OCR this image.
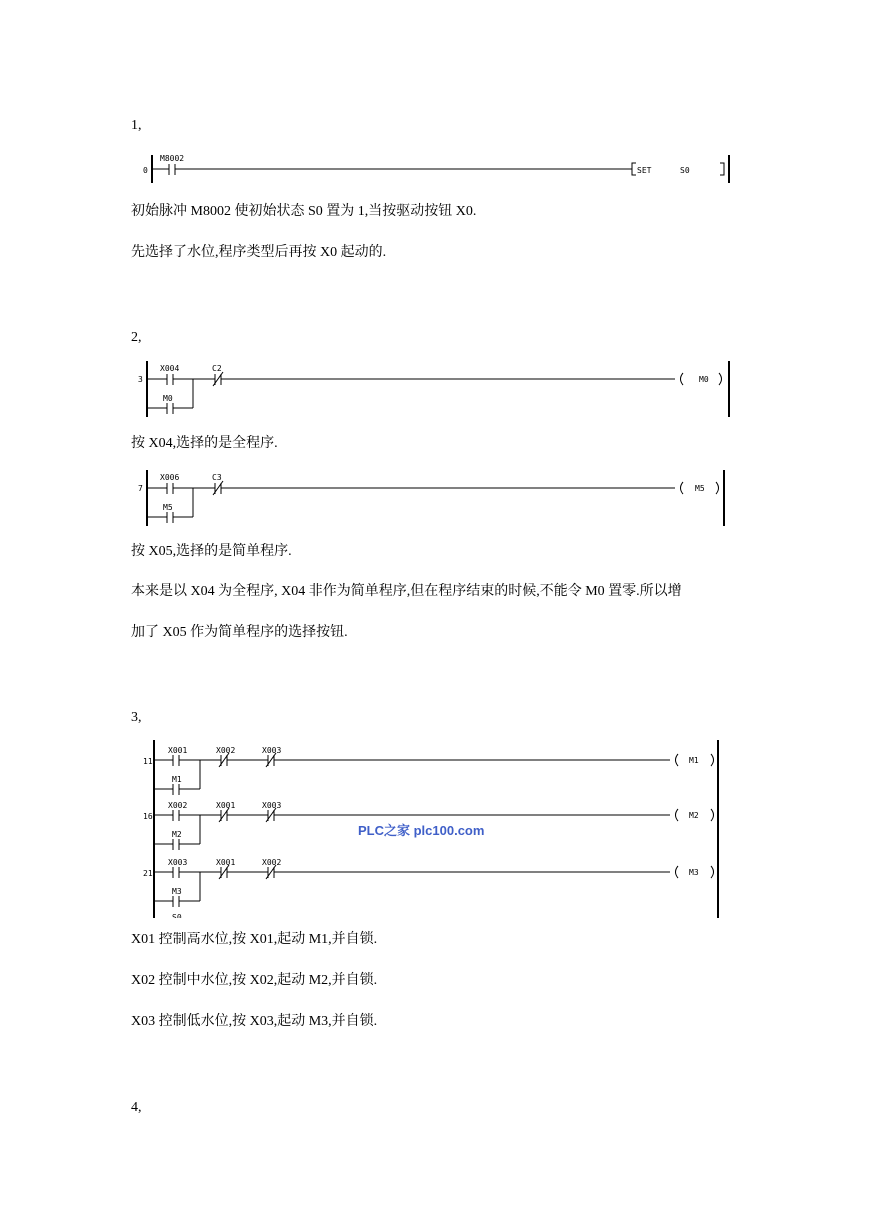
1,
2,
3,
4,
初始脉冲 M8002 使初始状态 S0 置为 1,当按驱动按钮 X0.
先选择了水位,程序类型后再按 X0 起动的.
按 X04,选择的是全程序.
按 X05,选择的是简单程序.
本来是以 X04 为全程序, X04 非作为简单程序,但在程序结束的时候,不能令 M0 置零.所以增
加了 X05 作为简单程序的选择按钮.
X01 控制高水位,按 X01,起动 M1,并自锁.
X02 控制中水位,按 X02,起动 M2,并自锁.
X03 控制低水位,按 X03,起动 M3,并自锁.
0
M8002
SET	S0
3
X004	C2
M0
M0
7
X006	C3
M5
M5
11
X001	X002	X003
M1
M1
16
X002	X001	X003
M2
M2
21
X003	X001	X002
M3
M3
PLC之家 plc100.com
